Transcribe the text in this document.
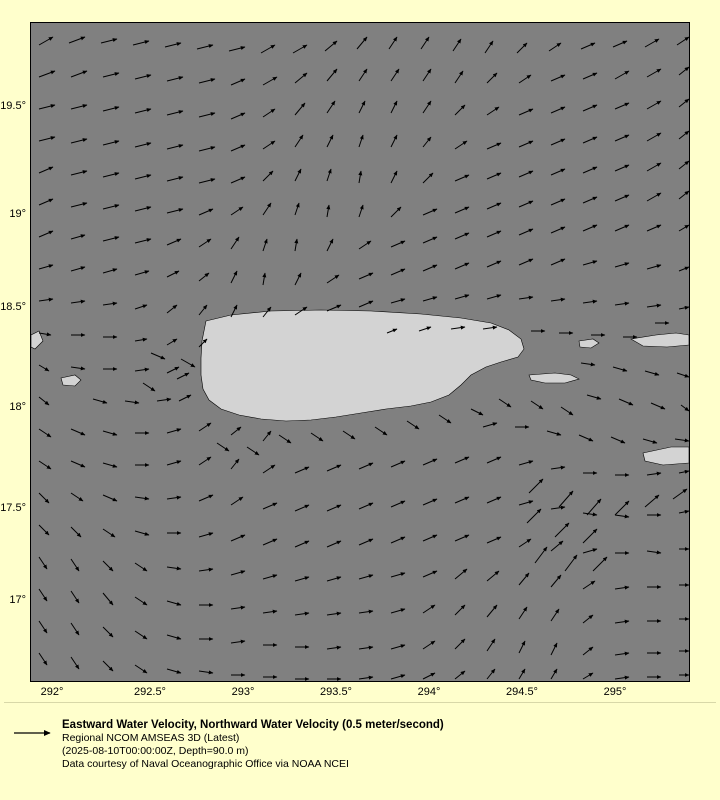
292°	292.5°	293°	293.5°	294°	294.5°	295°
19.5°
19°
18.5°
18°
17.5°
17°
Eastward Water Velocity, Northward Water Velocity (0.5 meter/second)
Regional NCOM AMSEAS 3D (Latest)
(2025-08-10T00:00:00Z, Depth=90.0 m)
Data courtesy of Naval Oceanographic Office via NOAA NCEI
